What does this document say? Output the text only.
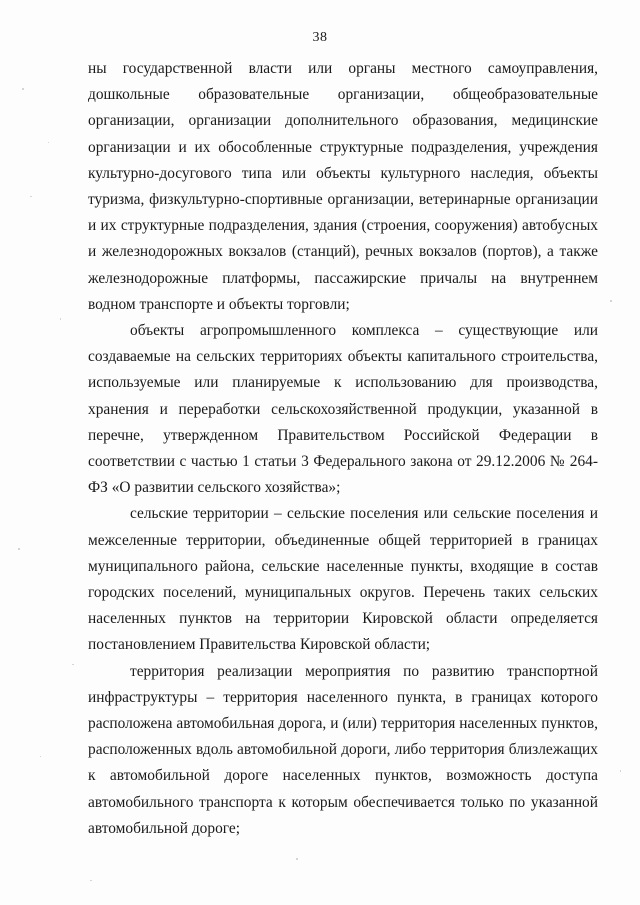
38

ны государственной власти или органы местного самоуправления, дошкольные образовательные организации, общеобразовательные организации, организации дополнительного образования, медицинские организации и их обособленные структурные подразделения, учреждения культурно-досугового типа или объекты культурного наследия, объекты туризма, физкультурно-спортивные организации, ветеринарные организации и их структурные подразделения, здания (строения, сооружения) автобусных и железнодорожных вокзалов (станций), речных вокзалов (портов), а также железнодорожные платформы, пассажирские причалы на внутреннем водном транспорте и объекты торговли;

объекты агропромышленного комплекса – существующие или создаваемые на сельских территориях объекты капитального строительства, используемые или планируемые к использованию для производства, хранения и переработки сельскохозяйственной продукции, указанной в перечне, утвержденном Правительством Российской Федерации в соответствии с частью 1 статьи 3 Федерального закона от 29.12.2006 № 264-ФЗ «О развитии сельского хозяйства»;

сельские территории – сельские поселения или сельские поселения и межселенные территории, объединенные общей территорией в границах муниципального района, сельские населенные пункты, входящие в состав городских поселений, муниципальных округов. Перечень таких сельских населенных пунктов на территории Кировской области определяется постановлением Правительства Кировской области;

территория реализации мероприятия по развитию транспортной инфраструктуры – территория населенного пункта, в границах которого расположена автомобильная дорога, и (или) территория населенных пунктов, расположенных вдоль автомобильной дороги, либо территория близлежащих к автомобильной дороге населенных пунктов, возможность доступа автомобильного транспорта к которым обеспечивается только по указанной автомобильной дороге;
